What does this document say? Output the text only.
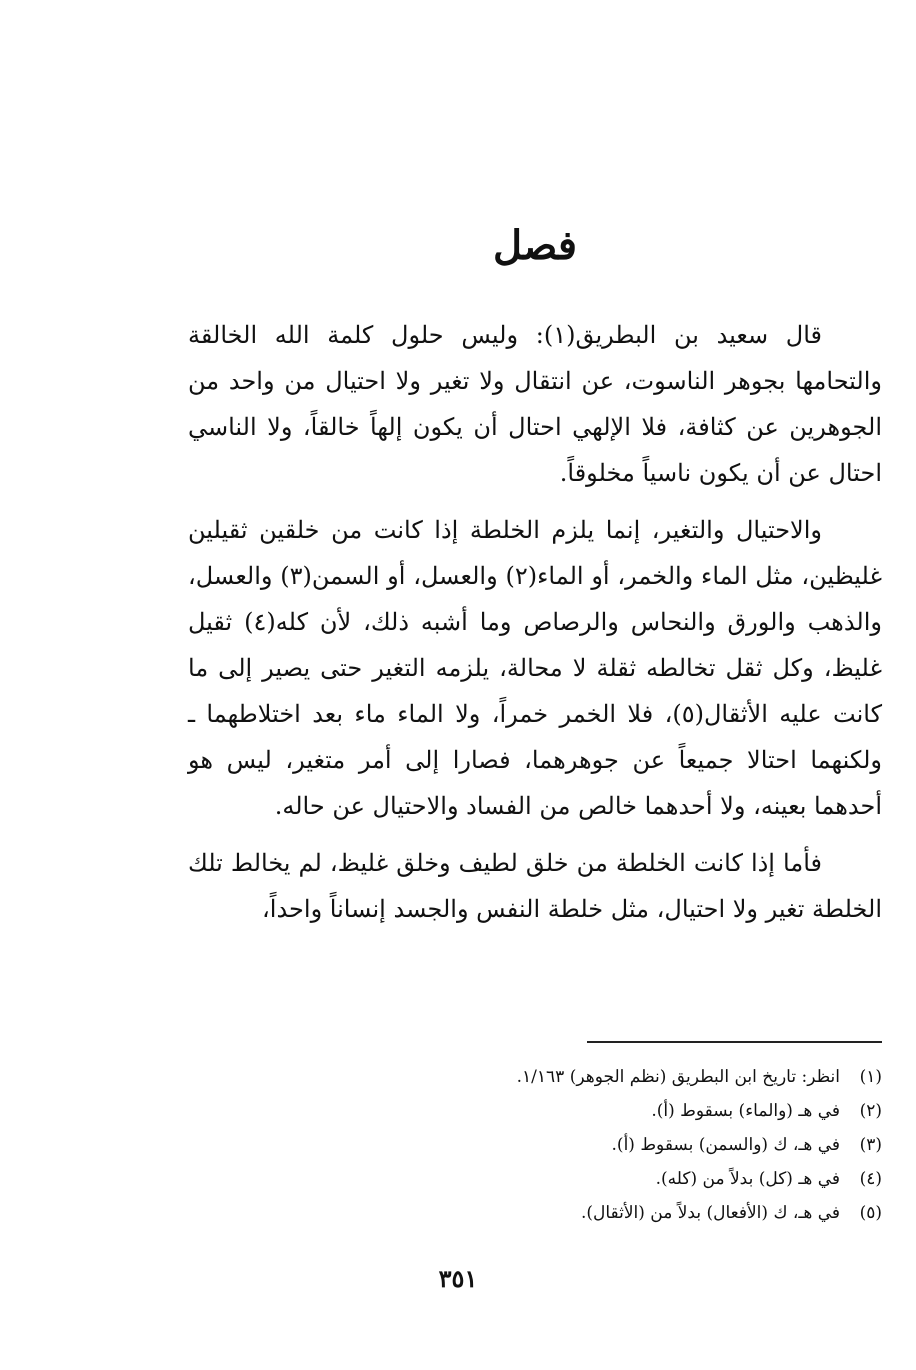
فصل

قال سعيد بن البطريق(١): وليس حلول كلمة الله الخالقة والتحامها بجوهر الناسوت، عن انتقال ولا تغير ولا احتيال من واحد من الجوهرين عن كثافة، فلا الإلهي احتال أن يكون إلهاً خالقاً، ولا الناسي احتال عن أن يكون ناسياً مخلوقاً.

والاحتيال والتغير، إنما يلزم الخلطة إذا كانت من خلقين ثقيلين غليظين، مثل الماء والخمر، أو الماء(٢) والعسل، أو السمن(٣) والعسل، والذهب والورق والنحاس والرصاص وما أشبه ذلك، لأن كله(٤) ثقيل غليظ، وكل ثقل تخالطه ثقلة لا محالة، يلزمه التغير حتى يصير إلى ما كانت عليه الأثقال(٥)، فلا الخمر خمراً، ولا الماء ماء بعد اختلاطهما ـ ولكنهما احتالا جميعاً عن جوهرهما، فصارا إلى أمر متغير، ليس هو أحدهما بعينه، ولا أحدهما خالص من الفساد والاحتيال عن حاله.

فأما إذا كانت الخلطة من خلق لطيف وخلق غليظ، لم يخالط تلك الخلطة تغير ولا احتيال، مثل خلطة النفس والجسد إنساناً واحداً،

(١)
انظر: تاريخ ابن البطريق (نظم الجوهر) ١/١٦٣.
(٢)
في هـ (والماء) بسقوط (أ).
(٣)
في هـ، ك (والسمن) بسقوط (أ).
(٤)
في هـ (كل) بدلاً من (كله).
(٥)
في هـ، ك (الأفعال) بدلاً من (الأثقال).
٣٥١
